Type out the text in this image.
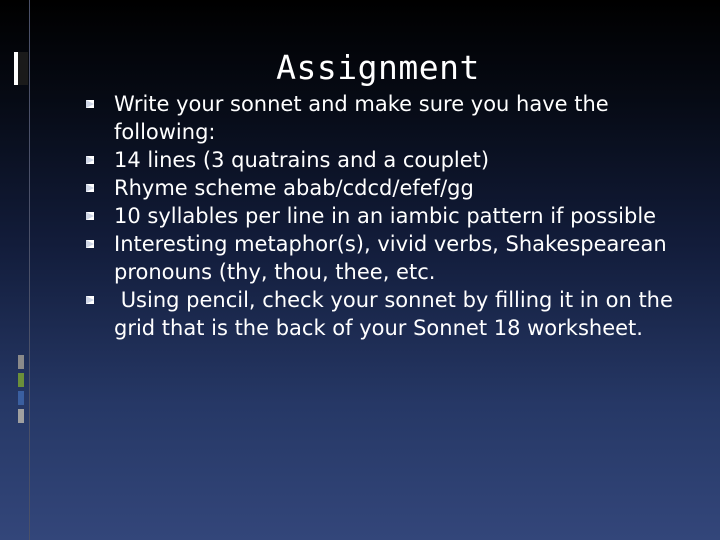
Assignment
Write your sonnet and make sure you have the following:
14 lines (3 quatrains and a couplet)
Rhyme scheme abab/cdcd/efef/gg
10 syllables per line in an iambic pattern if possible
Interesting metaphor(s), vivid verbs, Shakespearean pronouns (thy, thou, thee, etc.
Using pencil, check your sonnet by filling it in on the grid that is the back of your Sonnet 18 worksheet.
